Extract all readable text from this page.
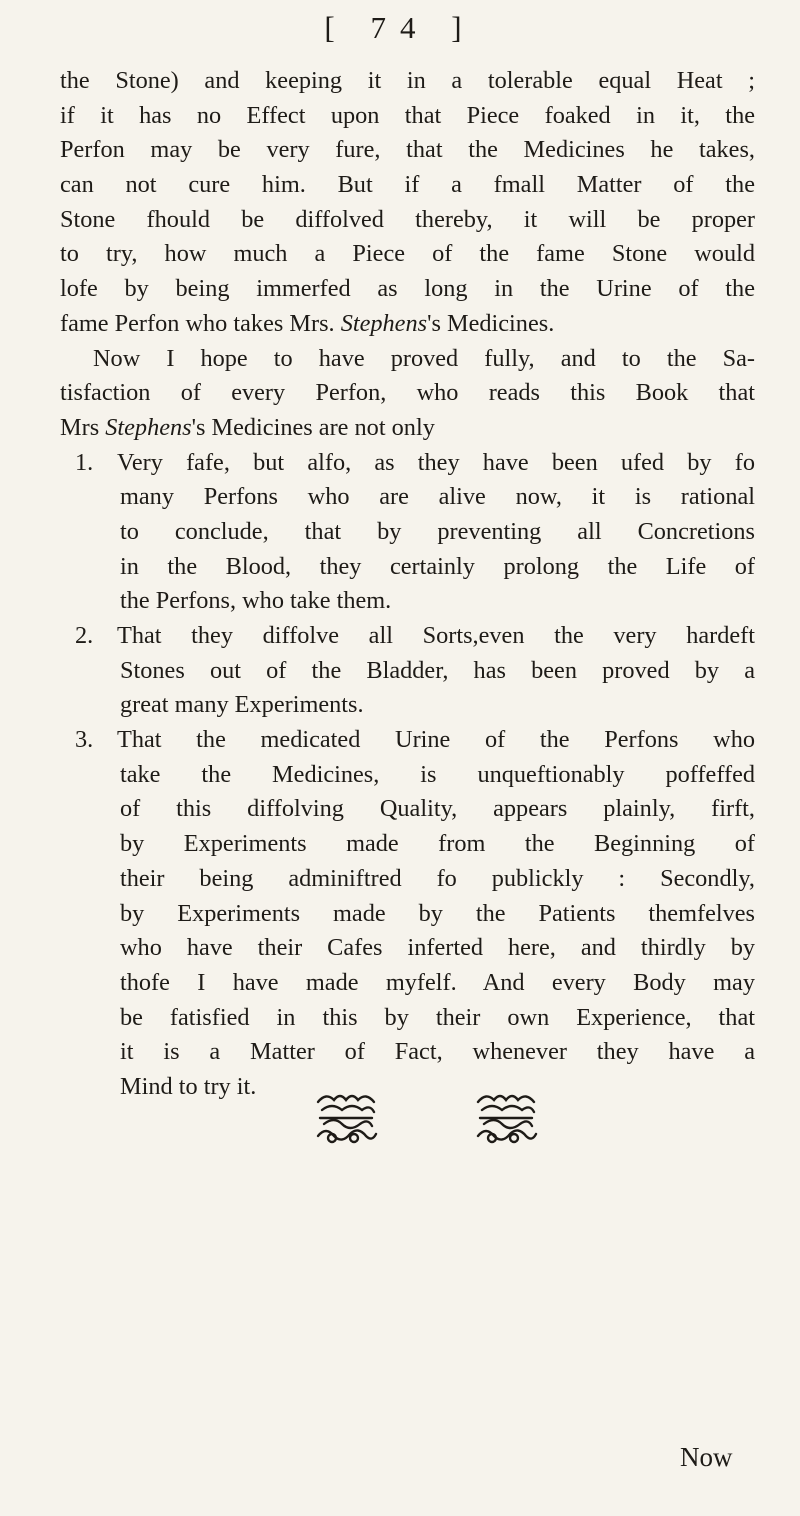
[ 74 ]
the Stone) and keeping it in a tolerable equal Heat ;
if it has no Effect upon that Piece foaked in it, the
Perfon may be very fure, that the Medicines he takes,
can not cure him. But if a fmall Matter of the
Stone fhould be diffolved thereby, it will be proper
to try, how much a Piece of the fame Stone would
lofe by being immerfed as long in the Urine of the
fame Perfon who takes Mrs. Stephens's Medicines.
Now I hope to have proved fully, and to the Sa-
tisfaction of every Perfon, who reads this Book that
Mrs Stephens's Medicines are not only
1. Very fafe, but alfo, as they have been ufed by fo
many Perfons who are alive now, it is rational
to conclude, that by preventing all Concretions
in the Blood, they certainly prolong the Life of
the Perfons, who take them.
2. That they diffolve all Sorts,even the very hardeft
Stones out of the Bladder, has been proved by a
great many Experiments.
3. That the medicated Urine of the Perfons who
take the Medicines, is unqueftionably poffeffed
of this diffolving Quality, appears plainly, firft,
by Experiments made from the Beginning of
their being adminiftred fo publickly : Secondly,
by Experiments made by the Patients themfelves
who have their Cafes inferted here, and thirdly by
thofe I have made myfelf. And every Body may
be fatisfied in this by their own Experience, that
it is a Matter of Fact, whenever they have a
Mind to try it.
Now
